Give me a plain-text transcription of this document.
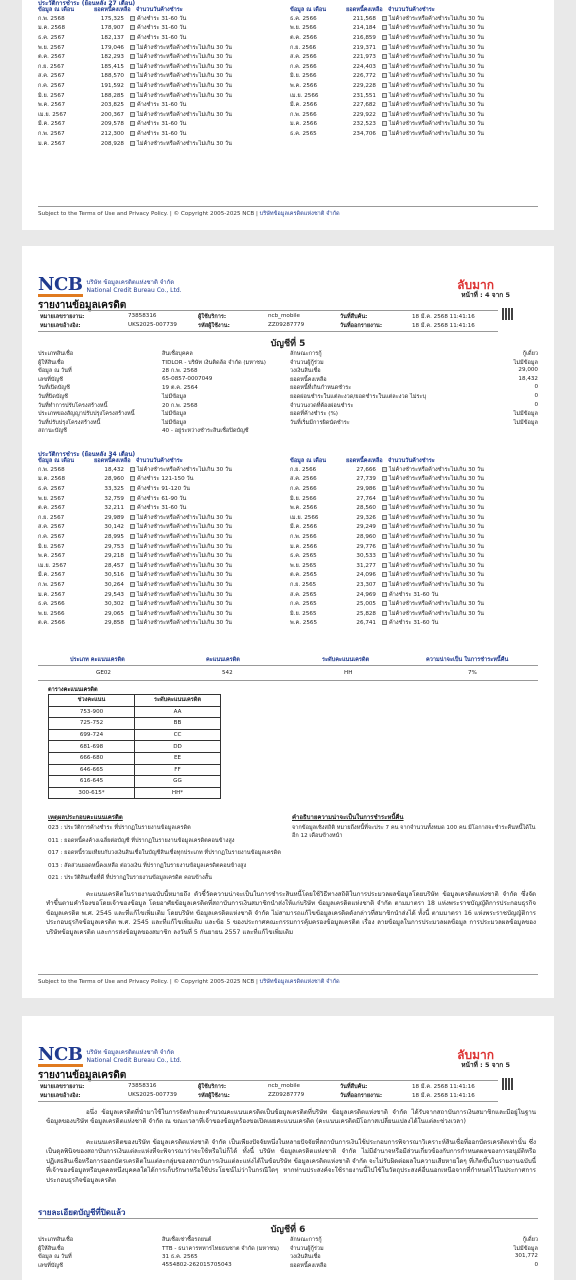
ประวัติการชำระ (ย้อนหลัง 27 เดือน)
ข้อมูล ณ เดือน	ยอดหนี้คงเหลือ จำนวนวันค้างชำระ	ข้อมูล ณ เดือน	ยอดหนี้คงเหลือ จำนวนวันค้างชำระ
ก.พ. 2568	175,325	ค้างชำระ 31-60 วัน
ม.ค. 2568	178,907	ค้างชำระ 31-60 วัน
ธ.ค. 2567	182,137	ค้างชำระ 31-60 วัน
พ.ย. 2567	179,046	ไม่ค้างชำระหรือค้างชำระไม่เกิน 30 วัน
ต.ค. 2567	182,293	ไม่ค้างชำระหรือค้างชำระไม่เกิน 30 วัน
ก.ย. 2567	185,415	ไม่ค้างชำระหรือค้างชำระไม่เกิน 30 วัน
ส.ค. 2567	188,570	ไม่ค้างชำระหรือค้างชำระไม่เกิน 30 วัน
ก.ค. 2567	191,592	ไม่ค้างชำระหรือค้างชำระไม่เกิน 30 วัน
มิ.ย. 2567	188,285	ไม่ค้างชำระหรือค้างชำระไม่เกิน 30 วัน
พ.ค. 2567	203,825	ค้างชำระ 31-60 วัน
เม.ย. 2567	200,367	ไม่ค้างชำระหรือค้างชำระไม่เกิน 30 วัน
มี.ค. 2567	209,578	ค้างชำระ 31-60 วัน
ก.พ. 2567	212,300	ค้างชำระ 31-60 วัน
ม.ค. 2567	208,928	ไม่ค้างชำระหรือค้างชำระไม่เกิน 30 วัน
ธ.ค. 2566	211,568	ไม่ค้างชำระหรือค้างชำระไม่เกิน 30 วัน
พ.ย. 2566	214,184	ไม่ค้างชำระหรือค้างชำระไม่เกิน 30 วัน
ต.ค. 2566	216,859	ไม่ค้างชำระหรือค้างชำระไม่เกิน 30 วัน
ก.ย. 2566	219,371	ไม่ค้างชำระหรือค้างชำระไม่เกิน 30 วัน
ส.ค. 2566	221,973	ไม่ค้างชำระหรือค้างชำระไม่เกิน 30 วัน
ก.ค. 2566	224,403	ไม่ค้างชำระหรือค้างชำระไม่เกิน 30 วัน
มิ.ย. 2566	226,772	ไม่ค้างชำระหรือค้างชำระไม่เกิน 30 วัน
พ.ค. 2566	229,228	ไม่ค้างชำระหรือค้างชำระไม่เกิน 30 วัน
เม.ย. 2566	231,551	ไม่ค้างชำระหรือค้างชำระไม่เกิน 30 วัน
มี.ค. 2566	227,682	ไม่ค้างชำระหรือค้างชำระไม่เกิน 30 วัน
ก.พ. 2566	229,922	ไม่ค้างชำระหรือค้างชำระไม่เกิน 30 วัน
ม.ค. 2566	232,523	ไม่ค้างชำระหรือค้างชำระไม่เกิน 30 วัน
ธ.ค. 2565	234,706	ไม่ค้างชำระหรือค้างชำระไม่เกิน 30 วัน
Subject to the Terms of Use and Privacy Policy. | © Copyright 2005-2025 NCB | บริษัทข้อมูลเครดิตแห่งชาติ จำกัด
NCB บริษัท ข้อมูลเครดิตแห่งชาติ จำกัด
National Credit Bureau Co., Ltd.	ลับมาก
หน้าที่ : 4 จาก 5
รายงานข้อมูลเครดิต
หมายเลขรายงาน:	73858316
หมายเลขอ้างอิง:	UKS2025-007739
ผู้ใช้บริการ:	ncb_mobile
รหัสผู้ใช้งาน:	ZZ09287779
วันที่สืบค้น:	18 มี.ค. 2568 11:41:16
วันที่ออกรายงาน:	18 มี.ค. 2568 11:41:16
บัญชีที่ 5
ประวัติการชำระ (ย้อนหลัง 34 เดือน)
ข้อมูล ณ เดือน	ยอดหนี้คงเหลือ จำนวนวันค้างชำระ	ข้อมูล ณ เดือน	ยอดหนี้คงเหลือ จำนวนวันค้างชำระ
ก.พ. 2568	18,432	ไม่ค้างชำระหรือค้างชำระไม่เกิน 30 วัน
ม.ค. 2568	28,960	ค้างชำระ 121-150 วัน
ธ.ค. 2567	33,325	ค้างชำระ 91-120 วัน
พ.ย. 2567	32,759	ค้างชำระ 61-90 วัน
ต.ค. 2567	32,211	ค้างชำระ 31-60 วัน
ก.ย. 2567	29,989	ไม่ค้างชำระหรือค้างชำระไม่เกิน 30 วัน
ส.ค. 2567	30,142	ไม่ค้างชำระหรือค้างชำระไม่เกิน 30 วัน
ก.ค. 2567	28,995	ไม่ค้างชำระหรือค้างชำระไม่เกิน 30 วัน
มิ.ย. 2567	29,753	ไม่ค้างชำระหรือค้างชำระไม่เกิน 30 วัน
พ.ค. 2567	29,218	ไม่ค้างชำระหรือค้างชำระไม่เกิน 30 วัน
เม.ย. 2567	28,457	ไม่ค้างชำระหรือค้างชำระไม่เกิน 30 วัน
มี.ค. 2567	30,516	ไม่ค้างชำระหรือค้างชำระไม่เกิน 30 วัน
ก.พ. 2567	30,264	ไม่ค้างชำระหรือค้างชำระไม่เกิน 30 วัน
ม.ค. 2567	29,543	ไม่ค้างชำระหรือค้างชำระไม่เกิน 30 วัน
ธ.ค. 2566	30,302	ไม่ค้างชำระหรือค้างชำระไม่เกิน 30 วัน
พ.ย. 2566	29,065	ไม่ค้างชำระหรือค้างชำระไม่เกิน 30 วัน
ต.ค. 2566	29,858	ไม่ค้างชำระหรือค้างชำระไม่เกิน 30 วัน
ก.ย. 2566	27,666	ไม่ค้างชำระหรือค้างชำระไม่เกิน 30 วัน
ส.ค. 2566	27,739	ไม่ค้างชำระหรือค้างชำระไม่เกิน 30 วัน
ก.ค. 2566	29,986	ไม่ค้างชำระหรือค้างชำระไม่เกิน 30 วัน
มิ.ย. 2566	27,764	ไม่ค้างชำระหรือค้างชำระไม่เกิน 30 วัน
พ.ค. 2566	28,560	ไม่ค้างชำระหรือค้างชำระไม่เกิน 30 วัน
เม.ย. 2566	29,326	ไม่ค้างชำระหรือค้างชำระไม่เกิน 30 วัน
มี.ค. 2566	29,249	ไม่ค้างชำระหรือค้างชำระไม่เกิน 30 วัน
ก.พ. 2566	28,960	ไม่ค้างชำระหรือค้างชำระไม่เกิน 30 วัน
ม.ค. 2566	29,776	ไม่ค้างชำระหรือค้างชำระไม่เกิน 30 วัน
ธ.ค. 2565	30,533	ไม่ค้างชำระหรือค้างชำระไม่เกิน 30 วัน
พ.ย. 2565	31,277	ไม่ค้างชำระหรือค้างชำระไม่เกิน 30 วัน
ต.ค. 2565	24,096	ไม่ค้างชำระหรือค้างชำระไม่เกิน 30 วัน
ก.ย. 2565	23,307	ไม่ค้างชำระหรือค้างชำระไม่เกิน 30 วัน
ส.ค. 2565	24,969	ค้างชำระ 31-60 วัน
ก.ค. 2565	25,005	ไม่ค้างชำระหรือค้างชำระไม่เกิน 30 วัน
มิ.ย. 2565	25,828	ไม่ค้างชำระหรือค้างชำระไม่เกิน 30 วัน
พ.ค. 2565	26,741	ค้างชำระ 31-60 วัน
ประเภท คะแนนเครดิต	คะแนนเครดิต	ระดับคะแนนเครดิต	ความน่าจะเป็น ในการชำระหนี้คืน
GE02	542	HH	7%
ตารางคะแนนเครดิต
ช่วงคะแนน	ระดับคะแนนเครดิต
753-900	AA
725-752	BB
699-724	CC
681-698	DD
666-680	EE
646-665	FF
616-645	GG
300-615*	HH*
เหตุผลประกอบคะแนนเครดิต	คำอธิบายความน่าจะเป็นในการชำระหนี้คืน
จากข้อมูลเชิงสถิติ หมายถึงหนี้ที่จะประ 7 คน จากจำนวนทั้งหมด 100 คน มีโอกาสจะชำระคืนหนี้ได้ในอีก 12 เดือนข้างหน้า
คะแนนเครดิตในรายงานฉบับนี้หมายถึง ตัวชี้วัดความน่าจะเป็นในการชำระสินหนี้โดยใช้วิธีทางสถิติในการประมวลผลข้อมูลโดยบริษัท ข้อมูลเครดิตแห่งชาติ จำกัด ซึ่งจัดทำขึ้นตามคำร้องขอโดยเจ้าของข้อมูล โดยอาศัยข้อมูลเครดิตที่สถาบันการเงินสมาชิกนำส่งให้แก่บริษัท ข้อมูลเครดิตแห่งชาติ จำกัด ตามมาตรา 18 แห่งพระราชบัญญัติการประกอบธุรกิจข้อมูลเครดิต พ.ศ. 2545 และที่แก้ไขเพิ่มเติม โดยบริษัท ข้อมูลเครดิตแห่งชาติ จำกัด ไม่สามารถแก้ไขข้อมูลเครดิตดังกล่าวที่สมาชิกนำส่งได้ ทั้งนี้ ตามมาตรา 16 แห่งพระราชบัญญัติการประกอบธุรกิจข้อมูลเครดิต พ.ศ. 2545 และที่แก้ไขเพิ่มเติม และข้อ 5 ของประกาศคณะกรรมการคุ้มครองข้อมูลเครดิต เรื่อง ลายข้อมูลในการประมวลผลข้อมูล การประมวลผลข้อมูลของบริษัทข้อมูลเครดิต และการส่งข้อมูลของสมาชิก ลงวันที่ 5 กันยายน 2557 และที่แก้ไขเพิ่มเติม
Subject to the Terms of Use and Privacy Policy. | © Copyright 2005-2025 NCB | บริษัทข้อมูลเครดิตแห่งชาติ จำกัด
ประเภทสินเชื่อ	สินเชื่อบุคคล
ผู้ให้สินเชื่อ	TIDLOR - บริษัท เงินติดล้อ จำกัด (มหาชน)
ข้อมูล ณ วันที่	28 ก.พ. 2568
เลขที่บัญชี	65-0857-0007049
วันที่เปิดบัญชี	19 ต.ค. 2564
วันที่ปิดบัญชี	ไม่มีข้อมูล
วันที่ทำการปรับโครงสร้างหนี้	20 ก.พ. 2568
ประเภทของสัญญาปรับปรุงโครงสร้างหนี้	ไม่มีข้อมูล
วันที่ปรับปรุงโครงสร้างหนี้	ไม่มีข้อมูล
สถานะบัญชี	40 - อยู่ระหว่างชำระสินเชื่อปิดบัญชี
ลักษณะการกู้	กู้เดี่ยว
จำนวนผู้กู้ร่วม	ไม่มีข้อมูล
วงเงินสินเชื่อ	29,000
ยอดหนี้คงเหลือ	18,432
ยอดหนี้ที่เกินกำหนดชำระ	0
ยอดผ่อนชำระในแต่ละงวด/ยอดชำระในแต่ละงวด ไม่ระบุ	0
จำนวนงวดที่ต้องผ่อนชำระ	0
ยอดที่ค้างชำระ (%)	ไม่มีข้อมูล
วันที่เริ่มมีการผิดนัดชำระ	ไม่มีข้อมูล
023 : ประวัติการค้างชำระ ที่ปรากฏในรายงานข้อมูลเครดิต
011 : ยอดหนี้คงค้างเฉลี่ยต่อบัญชี ที่ปรากฏในรายงานข้อมูลเครดิตคอนข้างสูง
017 : ยอดหนี้รวมเทียบกับวงเงินสินเชื่อในบัญชีสินเชื่อทุกประเภท ที่ปรากฏในรายงานข้อมูลเครดิต
013 : สัดส่วนยอดหนี้คงเหลือ ต่อวงเงิน ที่ปรากฏในรายงานข้อมูลเครดิตคอนข้างสูง
021 : ประวัติสินเชื่อที่ดี ที่ปรากฏในรายงานข้อมูลเครดิต คอนข้างสั้น
NCB บริษัท ข้อมูลเครดิตแห่งชาติ จำกัด
National Credit Bureau Co., Ltd.	ลับมาก
หน้าที่ : 5 จาก 5
รายงานข้อมูลเครดิต
หมายเลขรายงาน:	73858316
หมายเลขอ้างอิง:	UKS2025-007739
ผู้ใช้บริการ:	ncb_mobile
รหัสผู้ใช้งาน:	ZZ09287779
วันที่สืบค้น:	18 มี.ค. 2568 11:41:16
วันที่ออกรายงาน:	18 มี.ค. 2568 11:41:16
อนึ่ง ข้อมูลเครดิตที่นำมาใช้ในการจัดทำและคำนวณคะแนนเครดิตเป็นข้อมูลเครดิตที่บริษัท ข้อมูลเครดิตแห่งชาติ จำกัด ได้รับจากสถาบันการเงินสมาชิกและมีอยู่ในฐานข้อมูลของบริษัท ข้อมูลเครดิตแห่งชาติ จำกัด ณ ขณะเวลาที่เจ้าของข้อมูลร้องขอเปิดเผยคะแนนเครดิต (คะแนนเครดิตมีโอกาสเปลี่ยนแปลงได้ในแต่ละช่วงเวลา)
คะแนนเครดิตของบริษัท ข้อมูลเครดิตแห่งชาติ จำกัด เป็นเพียงปัจจัยหนึ่งในหลายปัจจัยที่สถาบันการเงินใช้ประกอบการพิจารณาวิเคราะห์สินเชื่อที่ออกบัตรเครดิตเท่านั้น ซึ่งเป็นดุลพินิจของสถาบันการเงินแต่ละแห่งที่จะพิจารณาว่าจะใช้หรือไม่ก็ได้ ทั้งนี้ บริษัท ข้อมูลเครดิตแห่งชาติ จำกัด ไม่มีอำนาจหรือมีส่วนเกี่ยวข้องกับการกำหนดผลของการอนุมัติหรือปฏิเสธสินเชื่อหรือการออกบัตรเครดิตในแต่ละกลุ่มของสถาบันการเงินแต่ละแห่งได้ในข้อบริษัท ข้อมูลเครดิตแห่งชาติ จำกัด จะไม่รับผิดต่อผลในความเสียหายใดๆ ที่เกิดขึ้นในรายงานฉบับนี้ที่เจ้าของข้อมูลหรือบุคคลหนึ่งบุคคลใดได้การเก็บรักษาหรือใช้ประโยชน์ไม่ว่าในกรณีใดๆ หากท่านประสงค์จะใช้รายงานนี้ไปใช้ในวัตถุประสงค์อื่นนอกเหนือจากที่กำหนดไว้ในประกาศการประกอบธุรกิจข้อมูลเครดิต
รายละเอียดบัญชีที่ปิดแล้ว
บัญชีที่ 6
ประเภทสินเชื่อ	สินเชื่อเช่าซื้อรถยนต์
ผู้ให้สินเชื่อ	TTB - ธนาคารทหารไทยธนชาต จำกัด (มหาชน)
ข้อมูล ณ วันที่	31 ธ.ค. 2565
เลขที่บัญชี	4554802-262015705043
ลักษณะการกู้	กู้เดี่ยว
จำนวนผู้กู้ร่วม	ไม่มีข้อมูล
วงเงินสินเชื่อ	301,772
ยอดหนี้คงเหลือ	0
